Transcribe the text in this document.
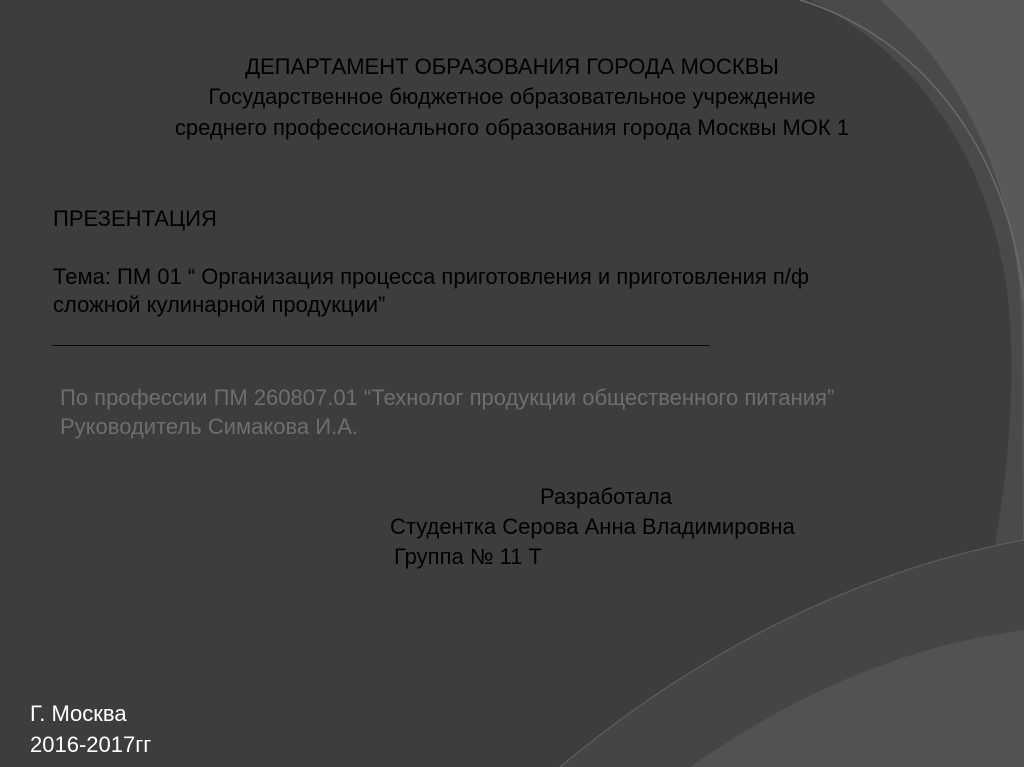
ДЕПАРТАМЕНТ ОБРАЗОВАНИЯ ГОРОДА МОСКВЫ
Государственное бюджетное образовательное учреждение
среднего профессионального образования города Москвы МОК 1
ПРЕЗЕНТАЦИЯ
Тема: ПМ 01 “ Организация процесса приготовления и приготовления п/ф
сложной кулинарной продукции”
По профессии ПМ 260807.01 “Технолог продукции общественного питания”
Руководитель Симакова И.А.
Разработала
Студентка Серова Анна Владимировна
Группа № 11 Т
Г. Москва
2016-2017гг
